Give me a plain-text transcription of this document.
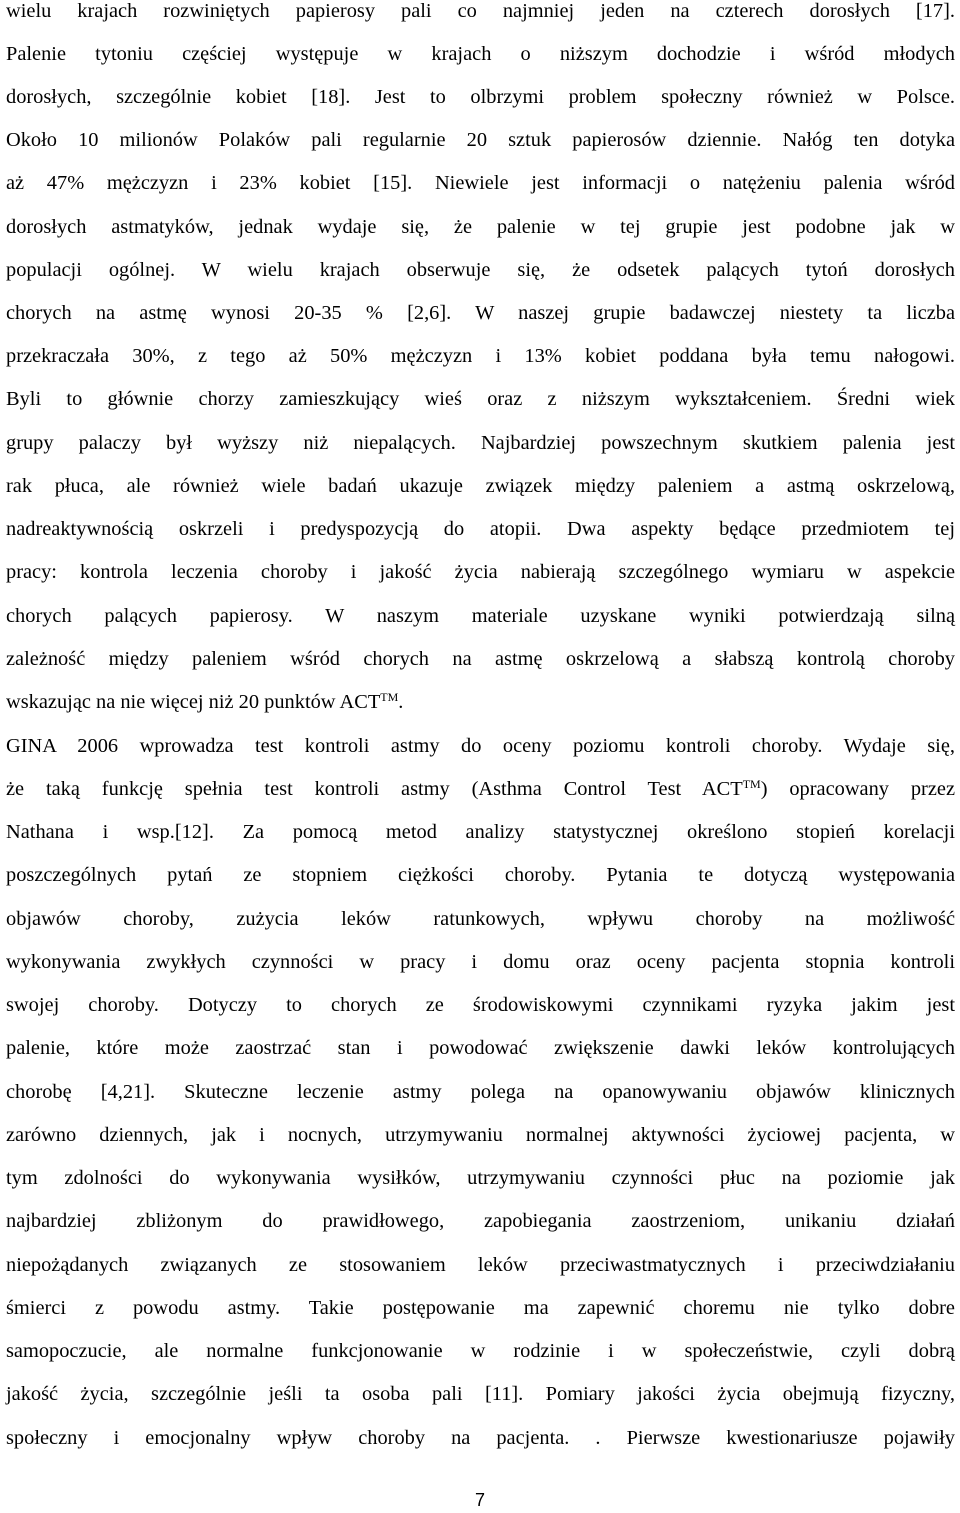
wielu krajach rozwiniętych papierosy pali co najmniej jeden na czterech dorosłych [17].
Palenie tytoniu częściej występuje w krajach o niższym dochodzie i wśród młodych
dorosłych, szczególnie kobiet [18]. Jest to olbrzymi problem społeczny również w Polsce.
Około 10 milionów Polaków pali regularnie 20 sztuk papierosów dziennie. Nałóg ten dotyka
aż 47% mężczyzn i 23% kobiet [15]. Niewiele jest informacji o natężeniu palenia wśród
dorosłych astmatyków, jednak wydaje się, że palenie w tej grupie jest podobne jak w
populacji ogólnej. W wielu krajach obserwuje się, że odsetek palących tytoń dorosłych
chorych na astmę wynosi 20-35 % [2,6]. W naszej grupie badawczej niestety ta liczba
przekraczała 30%, z tego aż 50% mężczyzn i 13% kobiet poddana była temu nałogowi.
Byli to głównie chorzy zamieszkujący wieś oraz z niższym wykształceniem. Średni wiek
grupy palaczy był wyższy niż niepalących. Najbardziej powszechnym skutkiem palenia jest
rak płuca, ale również wiele badań ukazuje związek między paleniem a astmą oskrzelową,
nadreaktywnością oskrzeli i predyspozycją do atopii. Dwa aspekty będące przedmiotem tej
pracy: kontrola leczenia choroby i jakość życia nabierają szczególnego wymiaru w aspekcie
chorych palących papierosy. W naszym materiale uzyskane wyniki potwierdzają silną
zależność między paleniem wśród chorych na astmę oskrzelową a słabszą kontrolą choroby
wskazując na nie więcej niż 20 punktów ACT™.
GINA 2006 wprowadza test kontroli astmy do oceny poziomu kontroli choroby. Wydaje się,
że taką funkcję spełnia test kontroli astmy (Asthma Control Test ACT™) opracowany przez
Nathana i wsp.[12]. Za pomocą metod analizy statystycznej określono stopień korelacji
poszczególnych pytań ze stopniem ciężkości choroby. Pytania te dotyczą występowania
objawów choroby, zużycia leków ratunkowych, wpływu choroby na możliwość
wykonywania zwykłych czynności w pracy i domu oraz oceny pacjenta stopnia kontroli
swojej choroby. Dotyczy to chorych ze środowiskowymi czynnikami ryzyka jakim jest
palenie, które może zaostrzać stan i powodować zwiększenie dawki leków kontrolujących
chorobę [4,21]. Skuteczne leczenie astmy polega na opanowywaniu objawów klinicznych
zarówno dziennych, jak i nocnych, utrzymywaniu normalnej aktywności życiowej pacjenta, w
tym zdolności do wykonywania wysiłków, utrzymywaniu czynności płuc na poziomie jak
najbardziej zbliżonym do prawidłowego, zapobiegania zaostrzeniom, unikaniu działań
niepożądanych związanych ze stosowaniem leków przeciwastmatycznych i przeciwdziałaniu
śmierci z powodu astmy. Takie postępowanie ma zapewnić choremu nie tylko dobre
samopoczucie, ale normalne funkcjonowanie w rodzinie i w społeczeństwie, czyli dobrą
jakość życia, szczególnie jeśli ta osoba pali [11]. Pomiary jakości życia obejmują fizyczny,
społeczny i emocjonalny wpływ choroby na pacjenta. . Pierwsze kwestionariusze pojawiły
7
